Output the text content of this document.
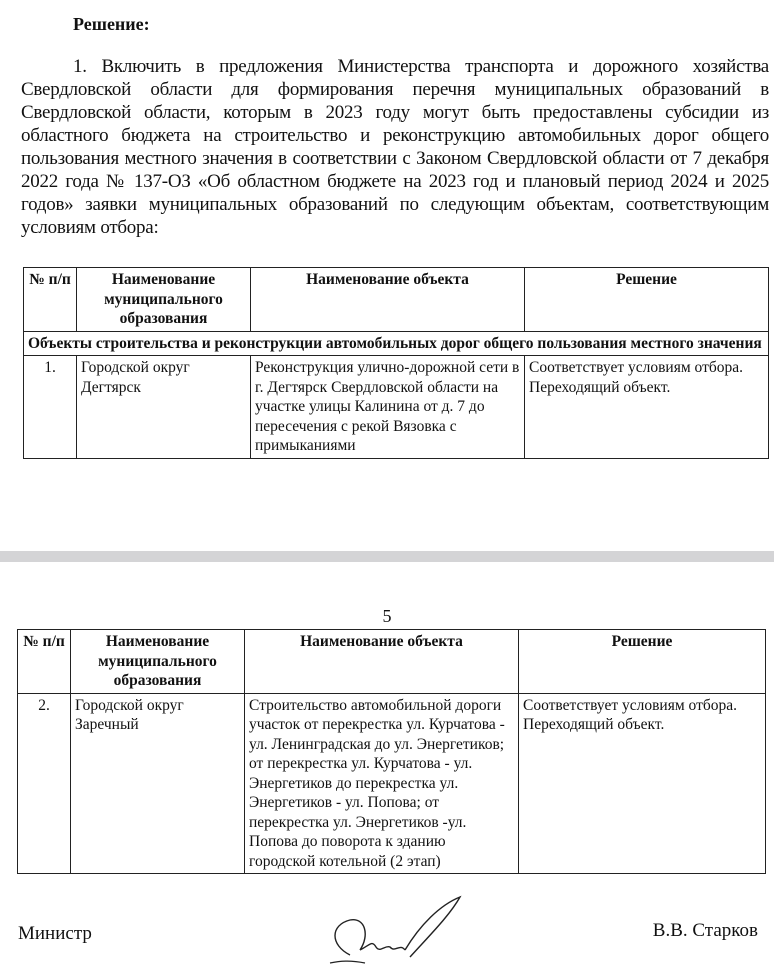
Решение:
1. Включить в предложения Министерства транспорта и дорожного хозяйства Свердловской области для формирования перечня муниципальных образований в Свердловской области, которым в 2023 году могут быть предоставлены субсидии из областного бюджета на строительство и реконструкцию автомобильных дорог общего пользования местного значения в соответствии с Законом Свердловской области от 7 декабря 2022 года № 137-ОЗ «Об областном бюджете на 2023 год и плановый период 2024 и 2025 годов» заявки муниципальных образований по следующим объектам, соответствующим условиям отбора:
№ п/п	Наименование муниципального образования	Наименование объекта	Решение
Объекты строительства и реконструкции автомобильных дорог общего пользования местного значения			
1.	Городской округ Дегтярск	Реконструкция улично-дорожной сети в г. Дегтярск Свердловской области на участке улицы Калинина от д. 7 до пересечения с рекой Вязовка с примыканиями	Соответствует условиям отбора. Переходящий объект.
5
№ п/п	Наименование муниципального образования	Наименование объекта	Решение
2.	Городской округ Заречный	Строительство автомобильной дороги участок от перекрестка ул. Курчатова - ул. Ленинградская до ул. Энергетиков; от перекрестка ул. Курчатова - ул. Энергетиков до перекрестка ул. Энергетиков - ул. Попова; от перекрестка ул. Энергетиков -ул. Попова до поворота к зданию городской котельной (2 этап)	Соответствует условиям отбора. Переходящий объект.
Министр	В.В. Старков
